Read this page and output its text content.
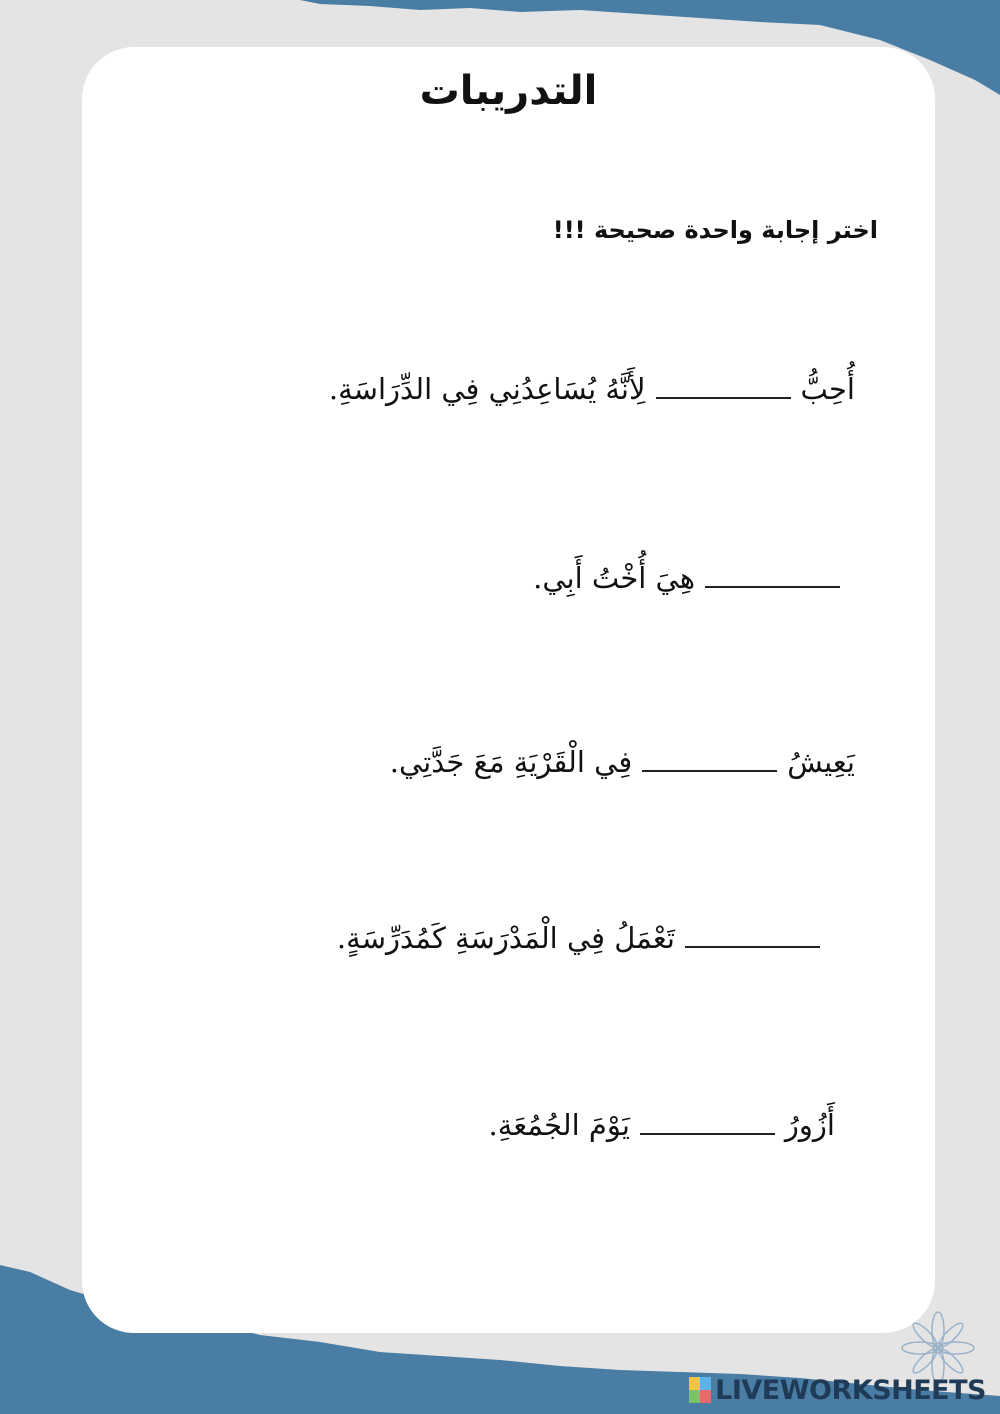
التدريبات
اختر إجابة واحدة صحيحة !!!
أُحِبُّلِأَنَّهُ يُسَاعِدُنِي فِي الدِّرَاسَةِ.
هِيَ أُخْتُ أَبِي.
يَعِيشُفِي الْقَرْيَةِ مَعَ جَدَّتِي.
تَعْمَلُ فِي الْمَدْرَسَةِ كَمُدَرِّسَةٍ.
أَزُورُيَوْمَ الجُمُعَةِ.
LIVEWORKSHEETS
